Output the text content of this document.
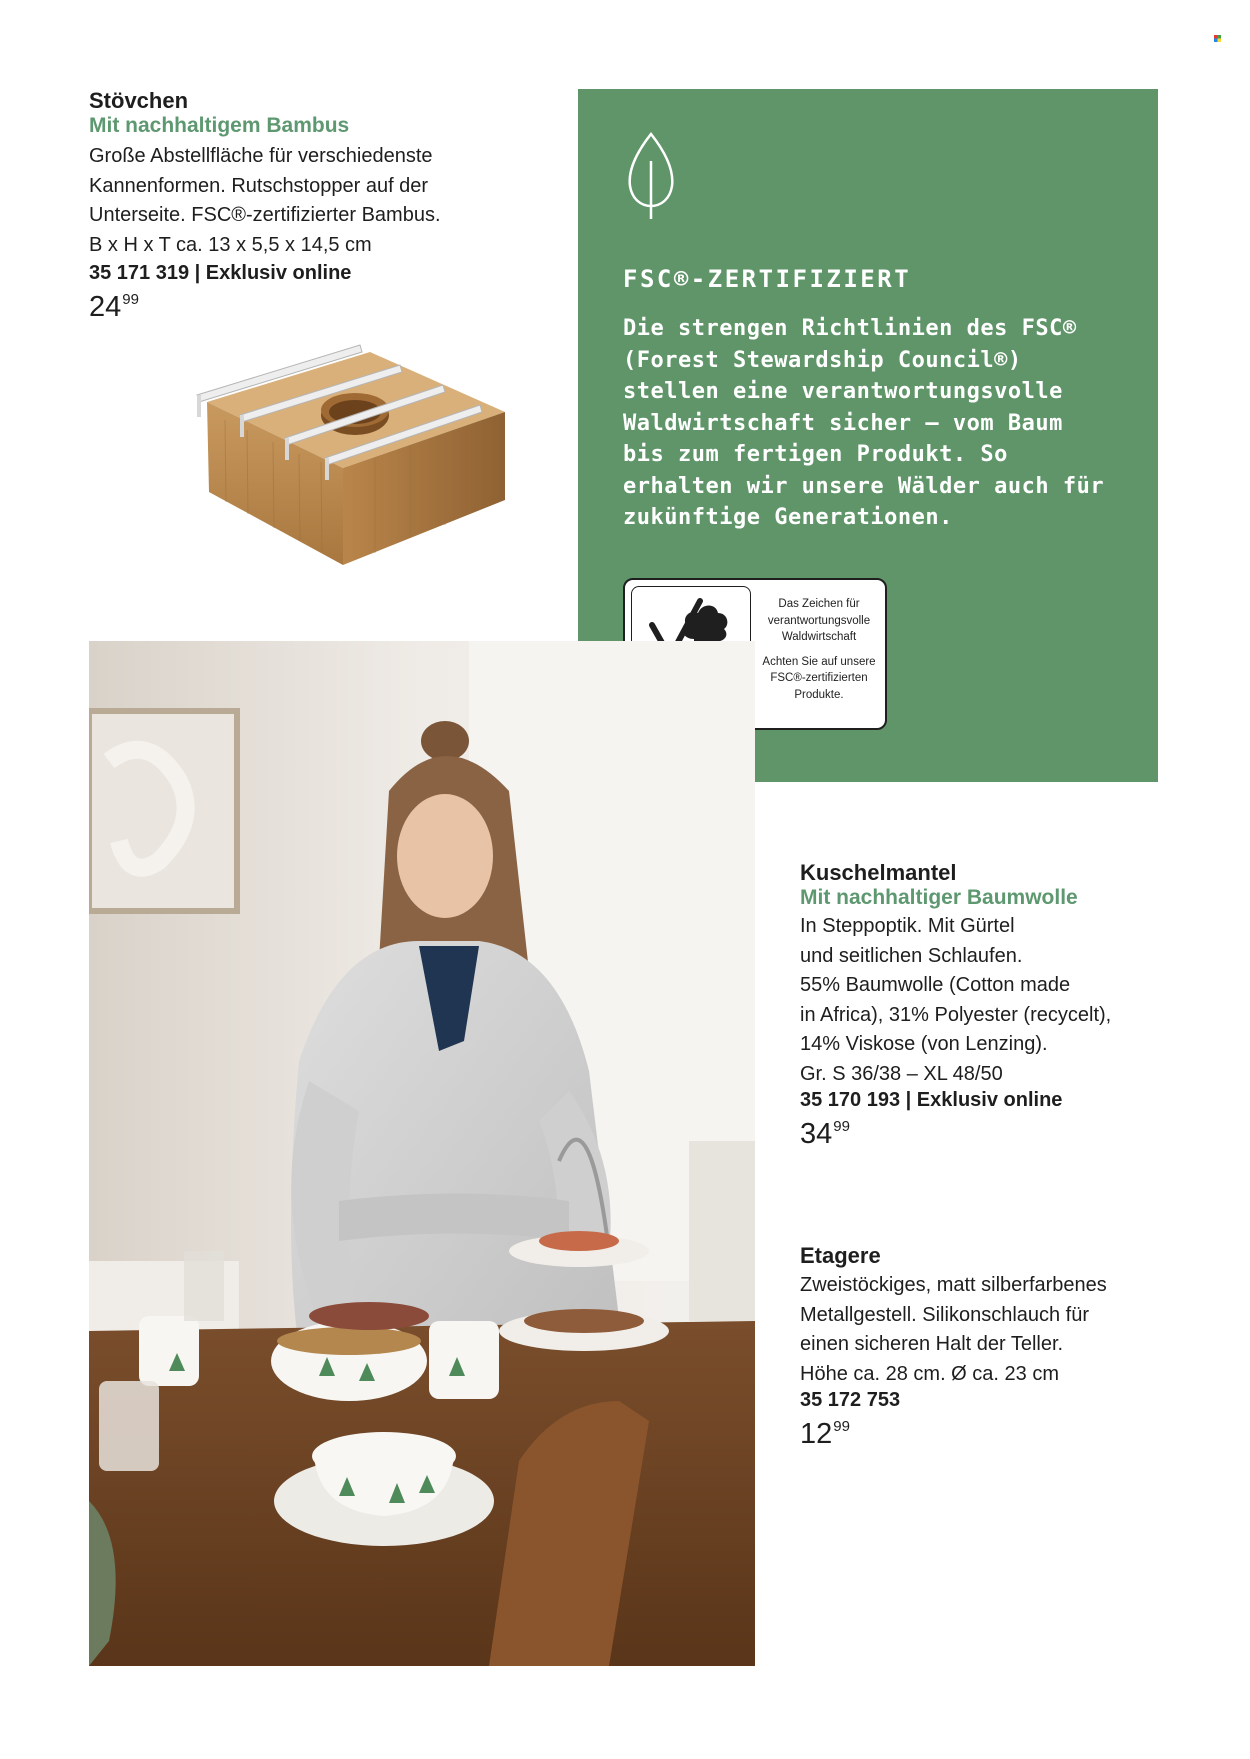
Stövchen
Mit nachhaltigem Bambus

Große Abstellfläche für verschiedenste

Kannenformen. Rutschstopper auf der

Unterseite. FSC®-zertifizierter Bambus.

B x H x T ca. 13 x 5,5 x 14,5 cm

35 171 319 | Exklusiv online
$24^{99}$
FSC®-ZERTIFIZIERT

Die strengen Richtlinien des FSC®

(Forest Stewardship Council®)

stellen eine verantwortungsvolle

Waldwirtschaft sicher – vom Baum

bis zum fertigen Produkt. So

erhalten wir unsere Wälder auch für

zukünftige Generationen.

Das Zeichen für

verantwortungsvolle

Waldwirtschaft

Achten Sie auf unsere

FSC®-zertifizierten

Produkte.

Kuschelmantel
Mit nachhaltiger Baumwolle

In Steppoptik. Mit Gürtel

und seitlichen Schlaufen.

55% Baumwolle (Cotton made

in Africa), 31% Polyester (recycelt),

14% Viskose (von Lenzing).

Gr. S 36/38 – XL 48/50

35 170 193 | Exklusiv online
$34^{99}$
Etagere

Zweistöckiges, matt silberfarbenes

Metallgestell. Silikonschlauch für

einen sicheren Halt der Teller.

Höhe ca. 28 cm. Ø ca. 23 cm

35 172 753
$12^{99}$
